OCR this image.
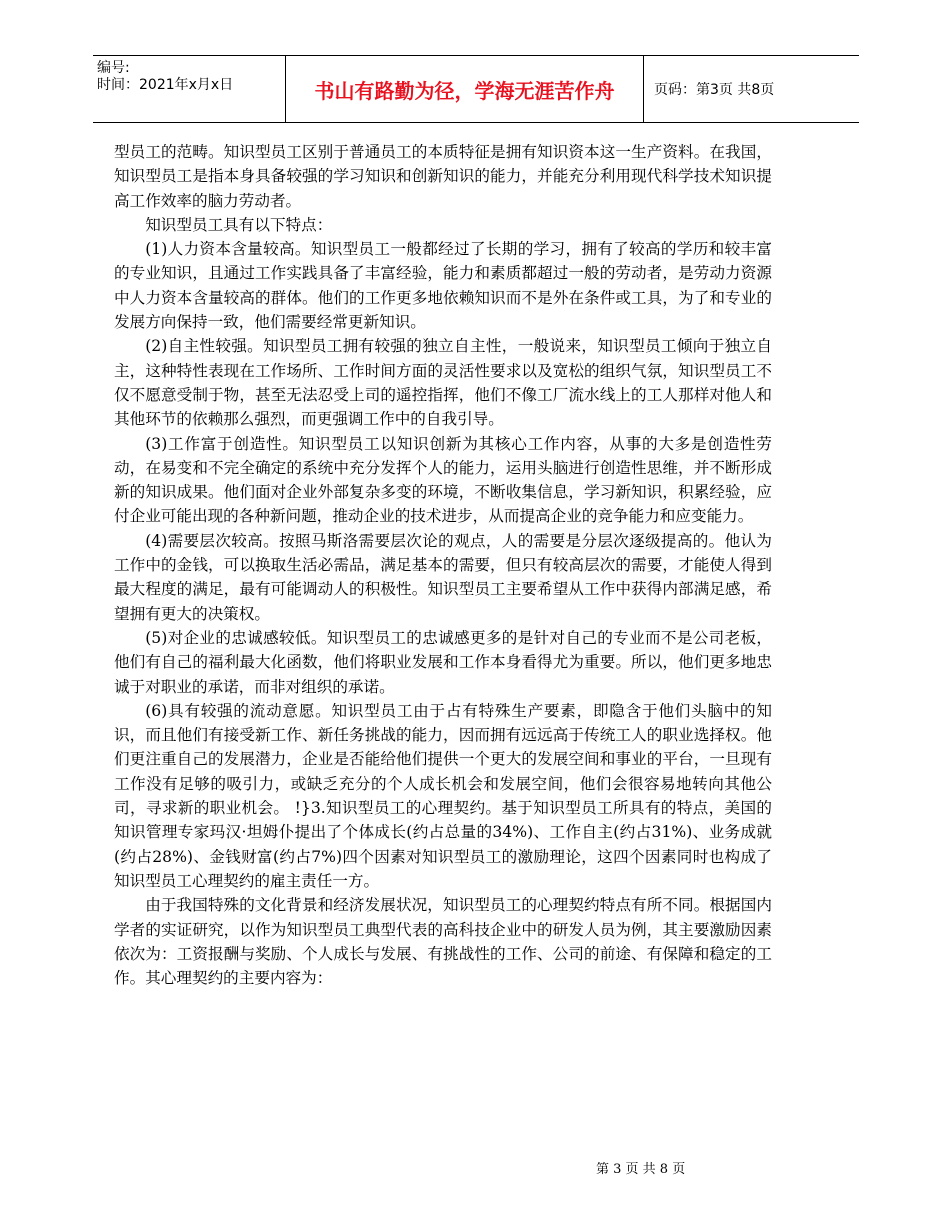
编号:
时间：2021年x月x日	书山有路勤为径，学海无涯苦作舟	页码：第3页 共8页

型员工的范畴。知识型员工区别于普通员工的本质特征是拥有知识资本这一生产资料。在我国，知识型员工是指本身具备较强的学习知识和创新知识的能力，并能充分利用现代科学技术知识提高工作效率的脑力劳动者。

知识型员工具有以下特点：

(1)人力资本含量较高。知识型员工一般都经过了长期的学习，拥有了较高的学历和较丰富的专业知识，且通过工作实践具备了丰富经验，能力和素质都超过一般的劳动者，是劳动力资源中人力资本含量较高的群体。他们的工作更多地依赖知识而不是外在条件或工具，为了和专业的发展方向保持一致，他们需要经常更新知识。

(2)自主性较强。知识型员工拥有较强的独立自主性，一般说来，知识型员工倾向于独立自主，这种特性表现在工作场所、工作时间方面的灵活性要求以及宽松的组织气氛，知识型员工不仅不愿意受制于物，甚至无法忍受上司的遥控指挥，他们不像工厂流水线上的工人那样对他人和其他环节的依赖那么强烈，而更强调工作中的自我引导。

(3)工作富于创造性。知识型员工以知识创新为其核心工作内容，从事的大多是创造性劳动，在易变和不完全确定的系统中充分发挥个人的能力，运用头脑进行创造性思维，并不断形成新的知识成果。他们面对企业外部复杂多变的环境，不断收集信息，学习新知识，积累经验，应付企业可能出现的各种新问题，推动企业的技术进步，从而提高企业的竞争能力和应变能力。

(4)需要层次较高。按照马斯洛需要层次论的观点，人的需要是分层次逐级提高的。他认为工作中的金钱，可以换取生活必需品，满足基本的需要，但只有较高层次的需要，才能使人得到最大程度的满足，最有可能调动人的积极性。知识型员工主要希望从工作中获得内部满足感，希望拥有更大的决策权。

(5)对企业的忠诚感较低。知识型员工的忠诚感更多的是针对自己的专业而不是公司老板，他们有自己的福利最大化函数，他们将职业发展和工作本身看得尤为重要。所以，他们更多地忠诚于对职业的承诺，而非对组织的承诺。

(6)具有较强的流动意愿。知识型员工由于占有特殊生产要素，即隐含于他们头脑中的知识，而且他们有接受新工作、新任务挑战的能力，因而拥有远远高于传统工人的职业选择权。他们更注重自己的发展潜力，企业是否能给他们提供一个更大的发展空间和事业的平台，一旦现有工作没有足够的吸引力，或缺乏充分的个人成长机会和发展空间，他们会很容易地转向其他公司，寻求新的职业机会。 !}3.知识型员工的心理契约。基于知识型员工所具有的特点，美国的知识管理专家玛汉·坦姆仆提出了个体成长(约占总量的34%)、工作自主(约占31%)、业务成就(约占28%)、金钱财富(约占7%)四个因素对知识型员工的激励理论，这四个因素同时也构成了知识型员工心理契约的雇主责任一方。

由于我国特殊的文化背景和经济发展状况，知识型员工的心理契约特点有所不同。根据国内学者的实证研究，以作为知识型员工典型代表的高科技企业中的研发人员为例，其主要激励因素依次为：工资报酬与奖励、个人成长与发展、有挑战性的工作、公司的前途、有保障和稳定的工作。其心理契约的主要内容为：

第 3 页 共 8 页
